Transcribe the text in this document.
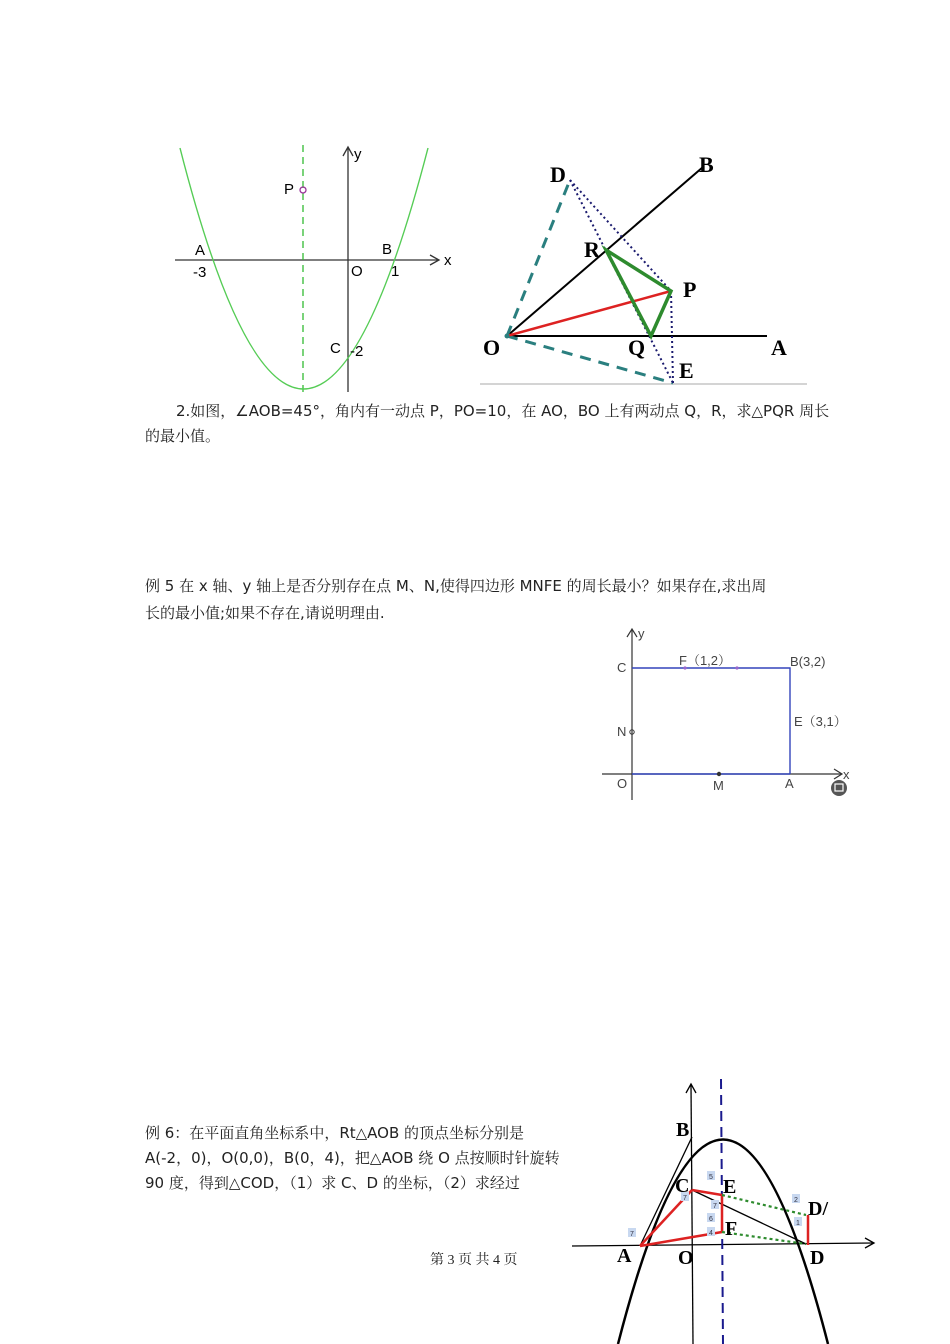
y
x
P
A	B
O
-3	1
C -2
D	B
R
P
O	Q	A
E
2.如图，∠AOB=45°，角内有一动点 P，PO=10，在 AO，BO 上有两动点 Q，R，求△PQR 周长
的最小值。
例 5 在 x 轴、y 轴上是否分别存在点 M、N,使得四边形 MNFE 的周长最小？如果存在,求出周
长的最小值;如果不存在,请说明理由.
y
x
C	F（1,2）	B(3,2)
E（3,1）
N
O	M	A
例 6：在平面直角坐标系中，Rt△AOB 的顶点坐标分别是
A(-2，0)，O(0,0)，B(0，4)，把△AOB 绕 O 点按顺时针旋转
90 度，得到△COD，（1）求 C、D 的坐标，（2）求经过	5
7	2
7
6
1
7	4
B
C E
D/
F
A O	D
第 3 页 共 4 页
